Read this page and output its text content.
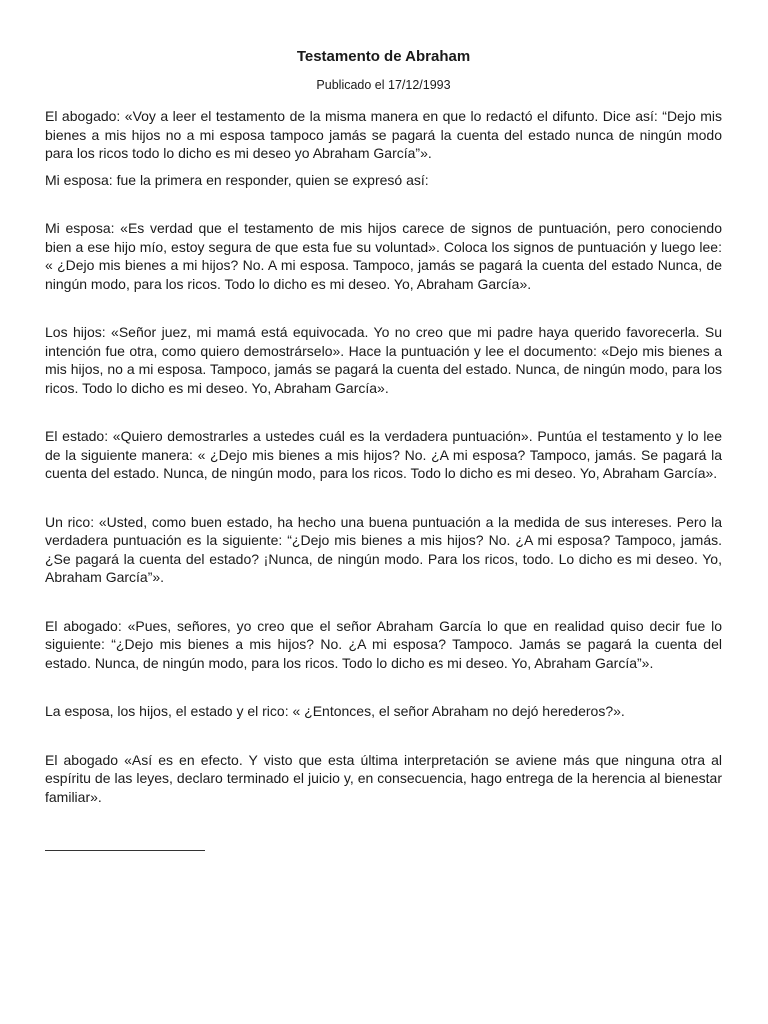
Testamento de Abraham
Publicado el 17/12/1993

El abogado: «Voy a leer el testamento de la misma manera en que lo redactó el difunto. Dice así: “Dejo mis bienes a mis hijos no a mi esposa tampoco jamás se pagará la cuenta del estado nunca de ningún modo para los ricos todo lo dicho es mi deseo yo Abraham García”».

Mi esposa: fue la primera en responder, quien se expresó así:

Mi esposa: «Es verdad que el testamento de mis hijos carece de signos de puntuación, pero conociendo bien a ese hijo mío, estoy segura de que esta fue su voluntad». Coloca los signos de puntuación y luego lee: « ¿Dejo mis bienes a mi hijos? No. A mi esposa. Tampoco, jamás se pagará la cuenta del estado Nunca, de ningún modo, para los ricos. Todo lo dicho es mi deseo. Yo, Abraham García».

Los hijos: «Señor juez, mi mamá está equivocada. Yo no creo que mi padre haya querido favorecerla. Su intención fue otra, como quiero demostrárselo». Hace la puntuación y lee el documento: «Dejo mis bienes a mis hijos, no a mi esposa. Tampoco, jamás se pagará la cuenta del estado. Nunca, de ningún modo, para los ricos. Todo lo dicho es mi deseo. Yo, Abraham García».

El estado: «Quiero demostrarles a ustedes cuál es la verdadera puntuación». Puntúa el testamento y lo lee de la siguiente manera: « ¿Dejo mis bienes a mis hijos? No. ¿A mi esposa? Tampoco, jamás. Se pagará la cuenta del estado. Nunca, de ningún modo, para los ricos. Todo lo dicho es mi deseo. Yo, Abraham García».

Un rico: «Usted, como buen estado, ha hecho una buena puntuación a la medida de sus intereses. Pero la verdadera puntuación es la siguiente: “¿Dejo mis bienes a mis hijos? No. ¿A mi esposa? Tampoco, jamás. ¿Se pagará la cuenta del estado? ¡Nunca, de ningún modo. Para los ricos, todo. Lo dicho es mi deseo. Yo, Abraham García”».

El abogado: «Pues, señores, yo creo que el señor Abraham García lo que en realidad quiso decir fue lo siguiente: “¿Dejo mis bienes a mis hijos? No. ¿A mi esposa? Tampoco. Jamás se pagará la cuenta del estado. Nunca, de ningún modo, para los ricos. Todo lo dicho es mi deseo. Yo, Abraham García”».

La esposa, los hijos, el estado y el rico: « ¿Entonces, el señor Abraham no dejó herederos?».

El abogado «Así es en efecto. Y visto que esta última interpretación se aviene más que ninguna otra al espíritu de las leyes, declaro terminado el juicio y, en consecuencia, hago entrega de la herencia al bienestar familiar».
